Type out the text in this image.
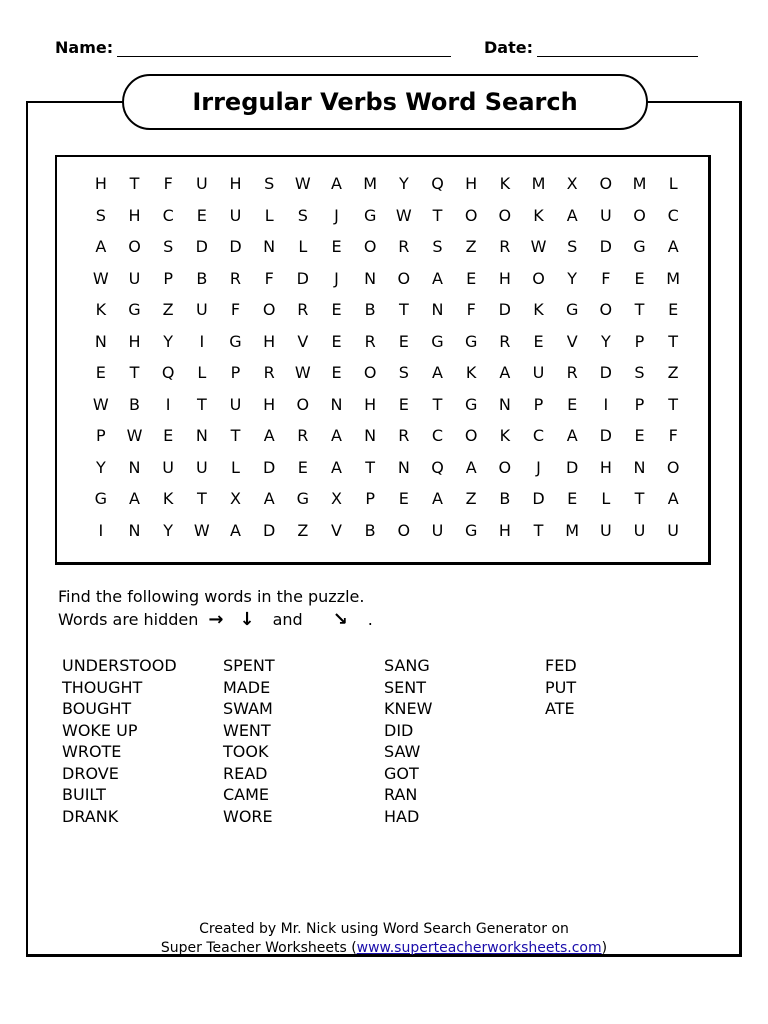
Name:	Date:
Irregular Verbs Word Search
H	T	F	U	H	S	W	A	M	Y	Q	H	K	M	X	O	M	L
S	H	C	E	U	L	S	J	G	W	T	O	O	K	A	U	O	C
A	O	S	D	D	N	L	E	O	R	S	Z	R	W	S	D	G	A
W	U	P	B	R	F	D	J	N	O	A	E	H	O	Y	F	E	M
K	G	Z	U	F	O	R	E	B	T	N	F	D	K	G	O	T	E
N	H	Y	I	G	H	V	E	R	E	G	G	R	E	V	Y	P	T
E	T	Q	L	P	R	W	E	O	S	A	K	A	U	R	D	S	Z
W	B	I	T	U	H	O	N	H	E	T	G	N	P	E	I	P	T
P	W	E	N	T	A	R	A	N	R	C	O	K	C	A	D	E	F
Y	N	U	U	L	D	E	A	T	N	Q	A	O	J	D	H	N	O
G	A	K	T	X	A	G	X	P	E	A	Z	B	D	E	L	T	A
I	N	Y	W	A	D	Z	V	B	O	U	G	H	T	M	U	U	U
Find the following words in the puzzle.
Words are hidden → ↓ and ↘ .
UNDERSTOOD	SPENT	SANG	FED
THOUGHT	MADE	SENT	PUT
BOUGHT	SWAM	KNEW	ATE
WOKE UP	WENT	DID
WROTE	TOOK	SAW
DROVE	READ	GOT
BUILT	CAME	RAN
DRANK	WORE	HAD
Created by Mr. Nick using Word Search Generator on
Super Teacher Worksheets (www.superteacherworksheets.com)
